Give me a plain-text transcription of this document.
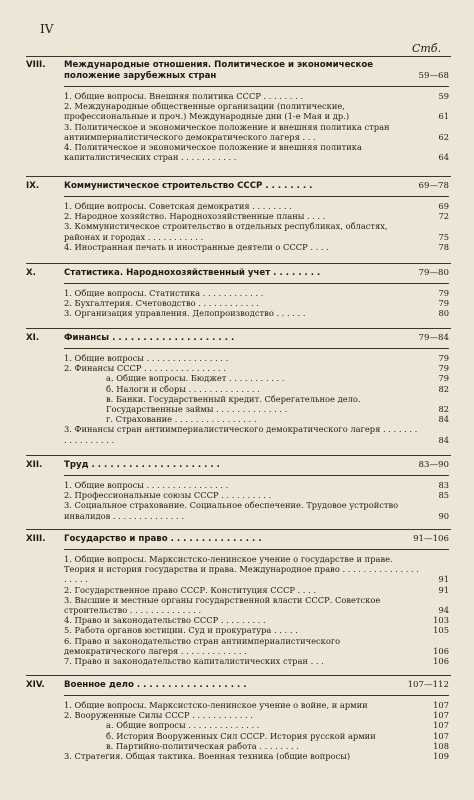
IV
Стб.
VIII. Международные отношения. Политическое и экономическое положение зарубежных стран	59—68
1. Общие вопросы. Внешняя политика СССР . . . . . . . .	59
2. Международные общественные организации (политические, профессиональные и проч.) Международные дни (1-е Мая и др.)	61
3. Политическое и экономическое положение и внешняя политика стран антиимпериалистического демократического лагеря . . .	62
4. Политическое и экономическое положение и внешняя политика капиталистических стран . . . . . . . . . . .	64
IX.	Коммунистическое строительство СССР . . . . . . . .	69—78
1. Общие вопросы. Советская демократия . . . . . . . .	69
2. Народное хозяйство. Народнохозяйственные планы . . . .	72
3. Коммунистическое строительство в отдельных республиках, областях, районах и городах . . . . . . . . . . .	75
4. Иностранная печать и иностранные деятели о СССР . . . .	78
X.	Статистика. Народнохозяйственный учет . . . . . . . .	79—80
1. Общие вопросы. Статистика . . . . . . . . . . . .	79
2. Бухгалтерия. Счетоводство . . . . . . . . . . . .	79
3. Организация управления. Делопроизводство . . . . . .	80
XI.	Финансы . . . . . . . . . . . . . . . . . . . .	79—84
1. Общие вопросы . . . . . . . . . . . . . . . .	79
2. Финансы СССР . . . . . . . . . . . . . . . .	79
а. Общие вопросы. Бюджет . . . . . . . . . . .	79
б. Налоги и сборы . . . . . . . . . . . . . .	82
в. Банки. Государственный кредит. Сберегательное дело. Государственные займы . . . . . . . . . . . . . .	82
г. Страхование . . . . . . . . . . . . . . . .	84
3. Финансы стран антиимпериалистического демократического лагеря . . . . . . . . . . . . . . . . .	84
XII.	Труд . . . . . . . . . . . . . . . . . . . . .	83—90
1. Общие вопросы . . . . . . . . . . . . . . . .	83
2. Профессиональные союзы СССР . . . . . . . . . .	85
3. Социальное страхование. Социальное обеспечение. Трудовое устройство инвалидов . . . . . . . . . . . . . .	90
XIII. Государство и право . . . . . . . . . . . . . . .	91—106
1. Общие вопросы. Марксистско-ленинское учение о государстве и праве. Теория и история государства и права. Международное право . . . . . . . . . . . . . . . . . . . .	91
2. Государственное право СССР. Конституция СССР . . . .	91
3. Высшие и местные органы государственной власти СССР. Советское строительство . . . . . . . . . . . . . .	94
4. Право и законодательство СССР . . . . . . . . .	103
5. Работа органов юстиции. Суд и прокуратура . . . . .	105
6. Право и законодательство стран антиимпериалистического демократического лагеря . . . . . . . . . . . . .	106
7. Право и законодательство капиталистических стран . . .	106
XIV. Военное дело . . . . . . . . . . . . . . . . . .	107—112
1. Общие вопросы. Марксистско-ленинское учение о войне, и армии	107
2. Вооруженные Силы СССР . . . . . . . . . . . .	107
а. Общие вопросы . . . . . . . . . . . . . .	107
б. История Вооруженных Сил СССР. История русской армии	107
в. Партийно-политическая работа . . . . . . . .	108
3. Стратегия. Общая тактика. Военная техника (общие вопросы)	109
